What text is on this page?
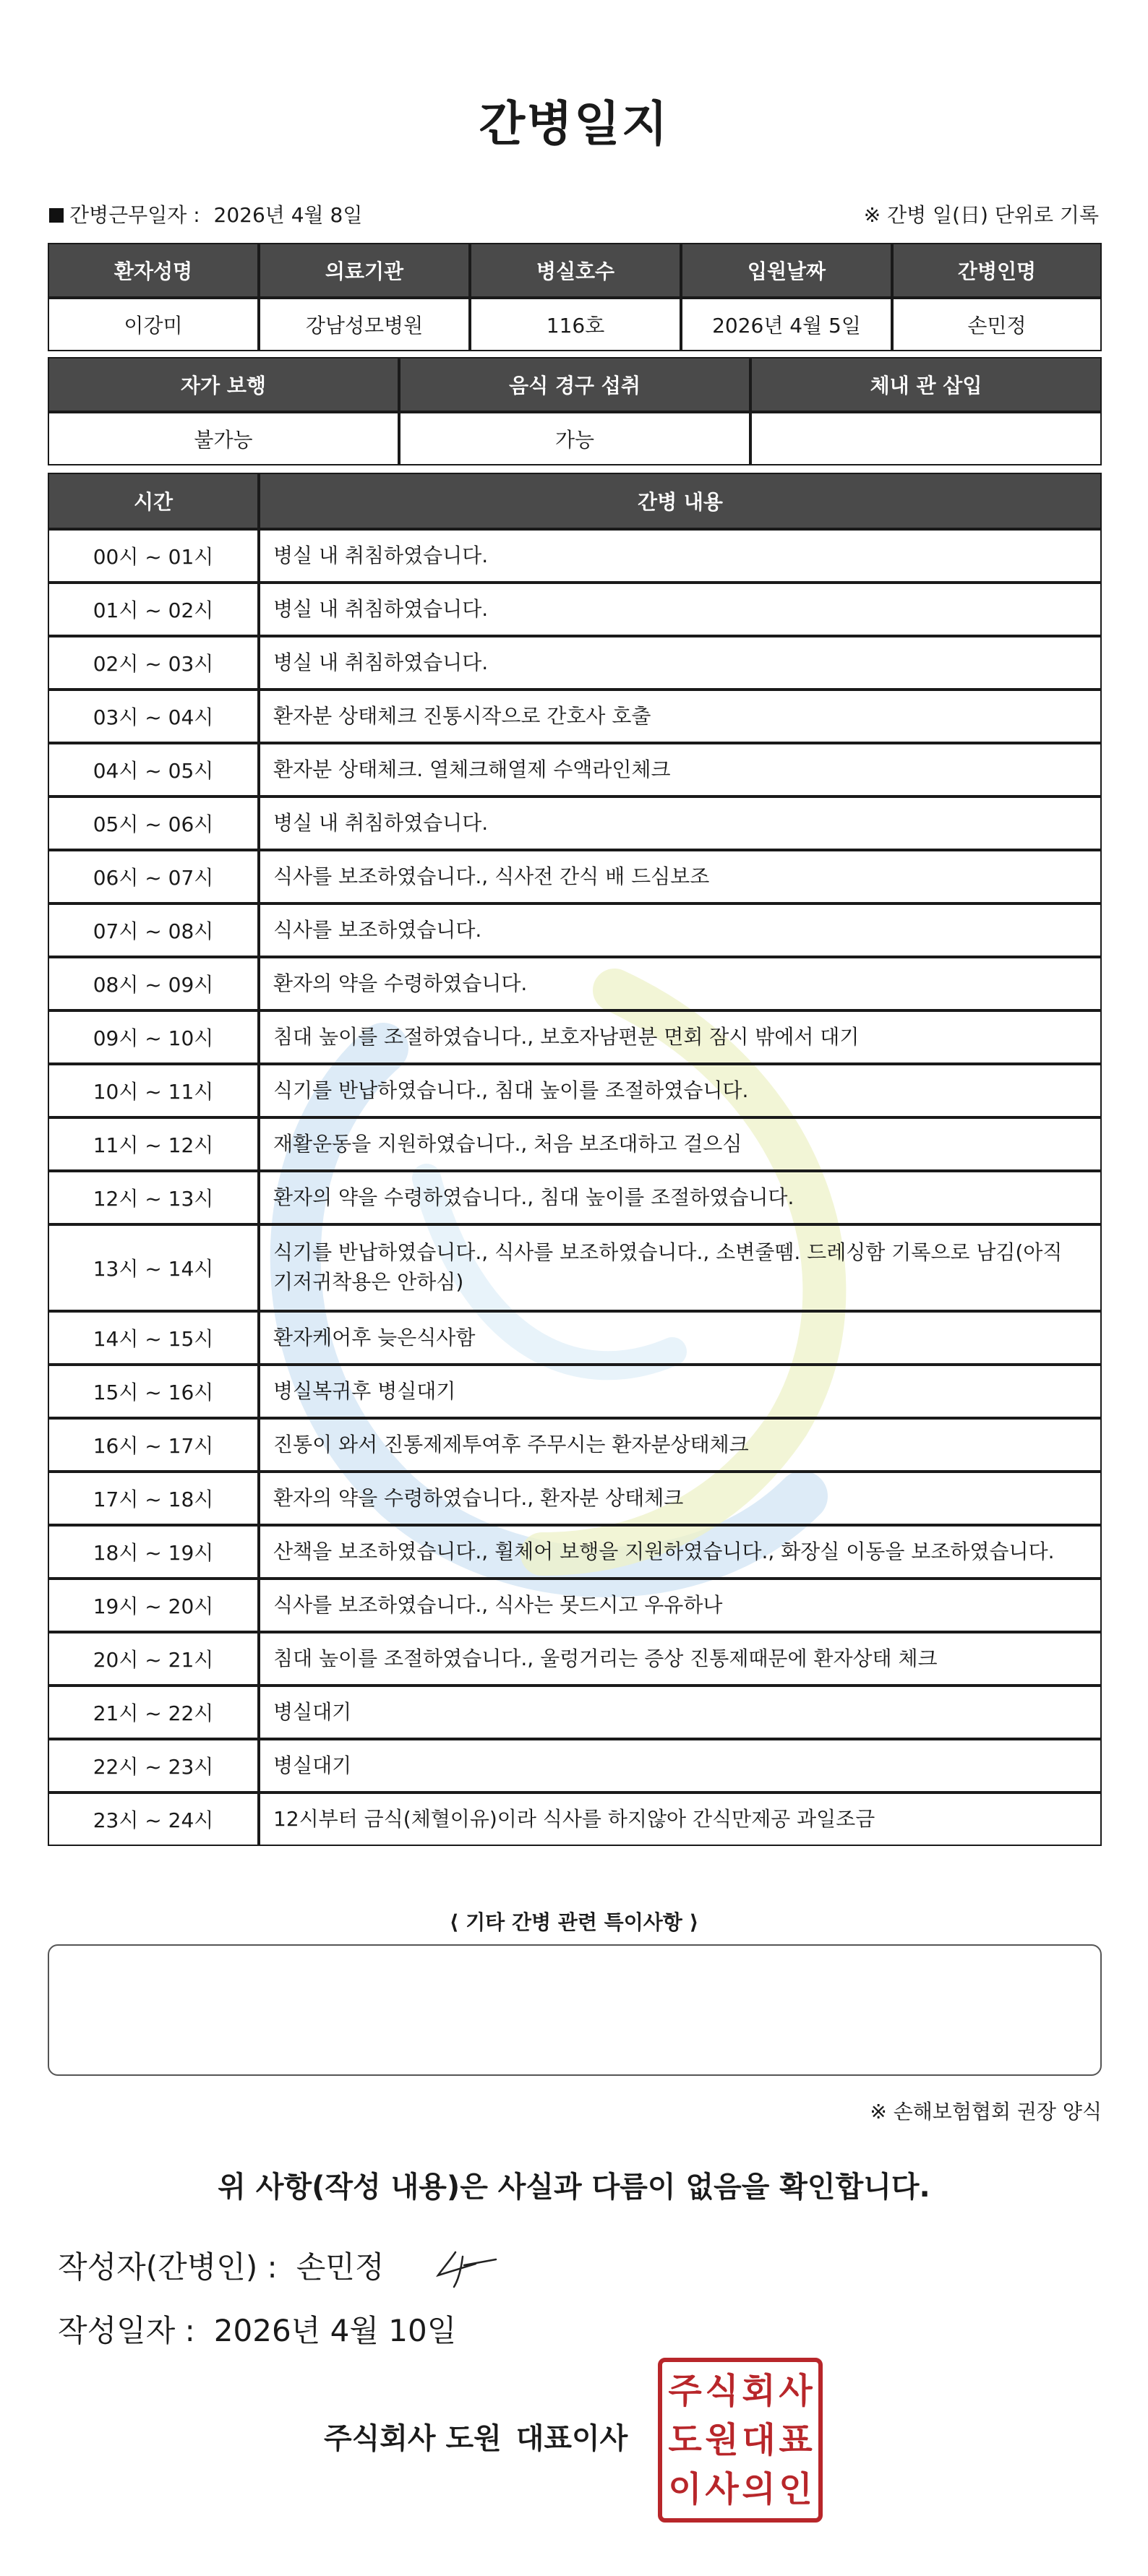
간병일지
간병근무일자 : 2026년 4월 8일	※ 간병 일(日) 단위로 기록
환자성명	의료기관	병실호수	입원날짜	간병인명
이강미	강남성모병원	116호	2026년 4월 5일	손민정
자가 보행	음식 경구 섭취	체내 관 삽입
불가능	가능	
시간	간병 내용
00시 ~ 01시	병실 내 취침하였습니다.
01시 ~ 02시	병실 내 취침하였습니다.
02시 ~ 03시	병실 내 취침하였습니다.
03시 ~ 04시	환자분 상태체크 진통시작으로 간호사 호출
04시 ~ 05시	환자분 상태체크. 열체크해열제 수액라인체크
05시 ~ 06시	병실 내 취침하였습니다.
06시 ~ 07시	식사를 보조하였습니다., 식사전 간식 배 드심보조
07시 ~ 08시	식사를 보조하였습니다.
08시 ~ 09시	환자의 약을 수령하였습니다.
09시 ~ 10시	침대 높이를 조절하였습니다., 보호자남편분 면회 잠시 밖에서 대기
10시 ~ 11시	식기를 반납하였습니다., 침대 높이를 조절하였습니다.
11시 ~ 12시	재활운동을 지원하였습니다., 처음 보조대하고 걸으심
12시 ~ 13시	환자의 약을 수령하였습니다., 침대 높이를 조절하였습니다.
13시 ~ 14시	식기를 반납하였습니다., 식사를 보조하였습니다., 소변줄뗌. 드레싱함 기록으로 남김(아직 기저귀착용은 안하심)
14시 ~ 15시	환자케어후 늦은식사함
15시 ~ 16시	병실복귀후 병실대기
16시 ~ 17시	진통이 와서 진통제제투여후 주무시는 환자분상태체크
17시 ~ 18시	환자의 약을 수령하였습니다., 환자분 상태체크
18시 ~ 19시	산책을 보조하였습니다., 휠체어 보행을 지원하였습니다., 화장실 이동을 보조하였습니다.
19시 ~ 20시	식사를 보조하였습니다., 식사는 못드시고 우유하나
20시 ~ 21시	침대 높이를 조절하였습니다., 울렁거리는 증상 진통제때문에 환자상태 체크
21시 ~ 22시	병실대기
22시 ~ 23시	병실대기
23시 ~ 24시	12시부터 금식(체혈이유)이라 식사를 하지않아 간식만제공 과일조금
⟨ 기타 간병 관련 특이사항 ⟩
※ 손해보험협회 권장 양식
위 사항(작성 내용)은 사실과 다름이 없음을 확인합니다.
작성자(간병인) : 손민정
작성일자 : 2026년 4월 10일
주식회사 도원 대표이사
주 식 회 사
도 원 대 표
이 사 의 인
